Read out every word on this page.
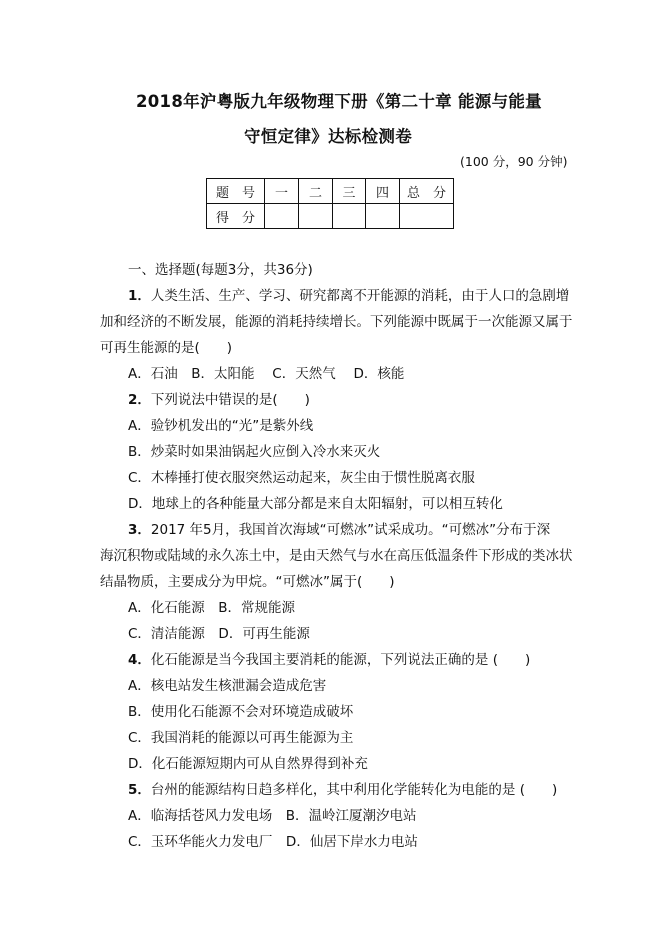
2018年沪粤版九年级物理下册《第二十章 能源与能量
守恒定律》达标检测卷
(100 分，90 分钟)
题　号	一	二	三	四	总　分
得　分					
一、选择题(每题3分，共36分)
1．人类生活、生产、学习、研究都离不开能源的消耗，由于人口的急剧增
加和经济的不断发展，能源的消耗持续增长。下列能源中既属于一次能源又属于
可再生能源的是(　　)
A．石油　B．太阳能　 C．天然气　 D．核能
2．下列说法中错误的是(　　)
A．验钞机发出的“光”是紫外线
B．炒菜时如果油锅起火应倒入冷水来灭火
C．木棒捶打使衣服突然运动起来，灰尘由于惯性脱离衣服
D．地球上的各种能量大部分都是来自太阳辐射，可以相互转化
3．2017 年5月，我国首次海域“可燃冰”试采成功。“可燃冰”分布于深
海沉积物或陆域的永久冻土中，是由天然气与水在高压低温条件下形成的类冰状
结晶物质，主要成分为甲烷。“可燃冰”属于(　　)
A．化石能源　B．常规能源
C．清洁能源　D．可再生能源
4．化石能源是当今我国主要消耗的能源，下列说法正确的是 (　　)
A．核电站发生核泄漏会造成危害
B．使用化石能源不会对环境造成破坏
C．我国消耗的能源以可再生能源为主
D．化石能源短期内可从自然界得到补充
5．台州的能源结构日趋多样化，其中利用化学能转化为电能的是 (　　)
A．临海括苍风力发电场　B．温岭江厦潮汐电站
C．玉环华能火力发电厂　D．仙居下岸水力电站
